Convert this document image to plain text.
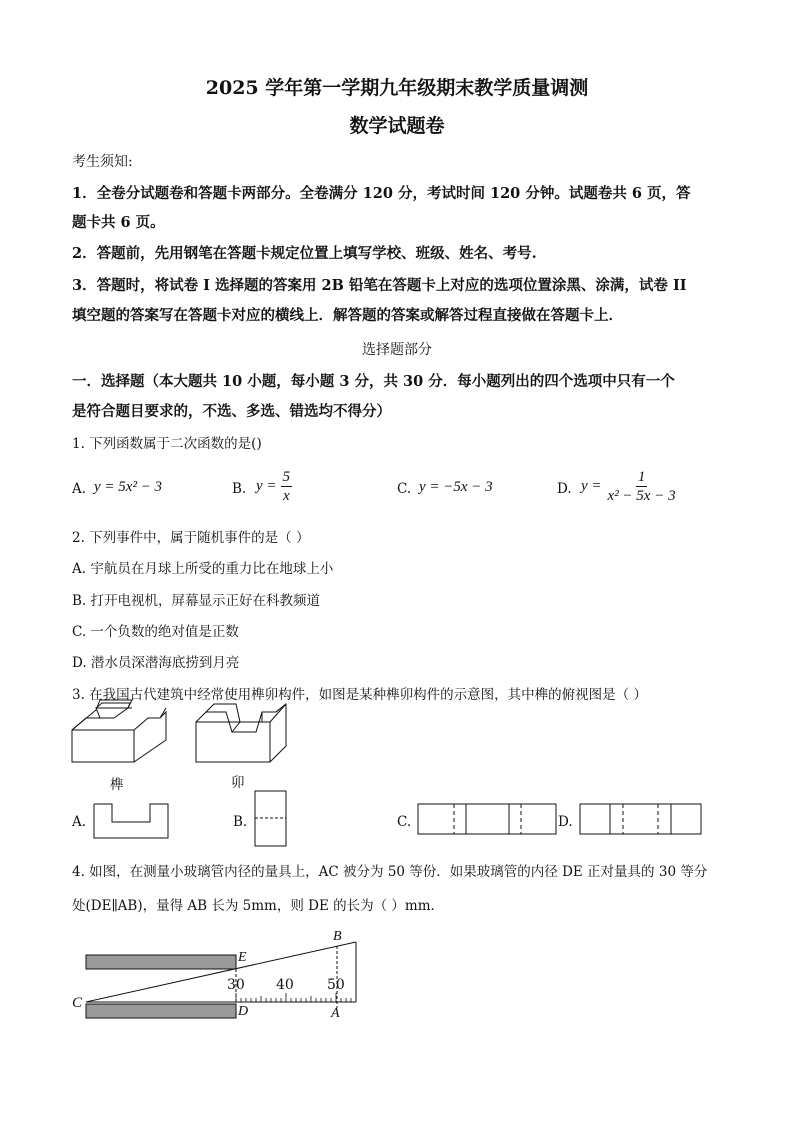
2025 学年第一学期九年级期末教学质量调测
数学试题卷
考生须知:
1．全卷分试题卷和答题卡两部分。全卷满分 120 分，考试时间 120 分钟。试题卷共 6 页，答
题卡共 6 页。
2．答题前，先用钢笔在答题卡规定位置上填写学校、班级、姓名、考号.
3．答题时，将试卷 I 选择题的答案用 2B 铅笔在答题卡上对应的选项位置涂黑、涂满，试卷 II
填空题的答案写在答题卡对应的横线上．解答题的答案或解答过程直接做在答题卡上．
选择题部分
一．选择题（本大题共 10 小题，每小题 3 分，共 30 分．每小题列出的四个选项中只有一个
是符合题目要求的，不选、多选、错选均不得分）
1. 下列函数属于二次函数的是()
A. y = 5x² − 3	B. $y = \frac{5}{x}$	C. y = −5x − 3	D. $y = \frac{1}{\text{x² − 5x − 3}}$
2. 下列事件中，属于随机事件的是（ ）
A. 宇航员在月球上所受的重力比在地球上小
B. 打开电视机，屏幕显示正好在科教频道
C. 一个负数的绝对值是正数
D. 潜水员深潜海底捞到月亮
3. 在我国古代建筑中经常使用榫卯构件，如图是某种榫卯构件的示意图，其中榫的俯视图是（ ）
榫	卯
A.	B.	C.	D.
4. 如图，在测量小玻璃管内径的量具上，AC 被分为 50 等份．如果玻璃管的内径 DE 正对量具的 30 等分
处(DE∥AB)，量得 AB 长为 5mm，则 DE 的长为（ ）mm．
B
E
C
D	A
30 40 50
